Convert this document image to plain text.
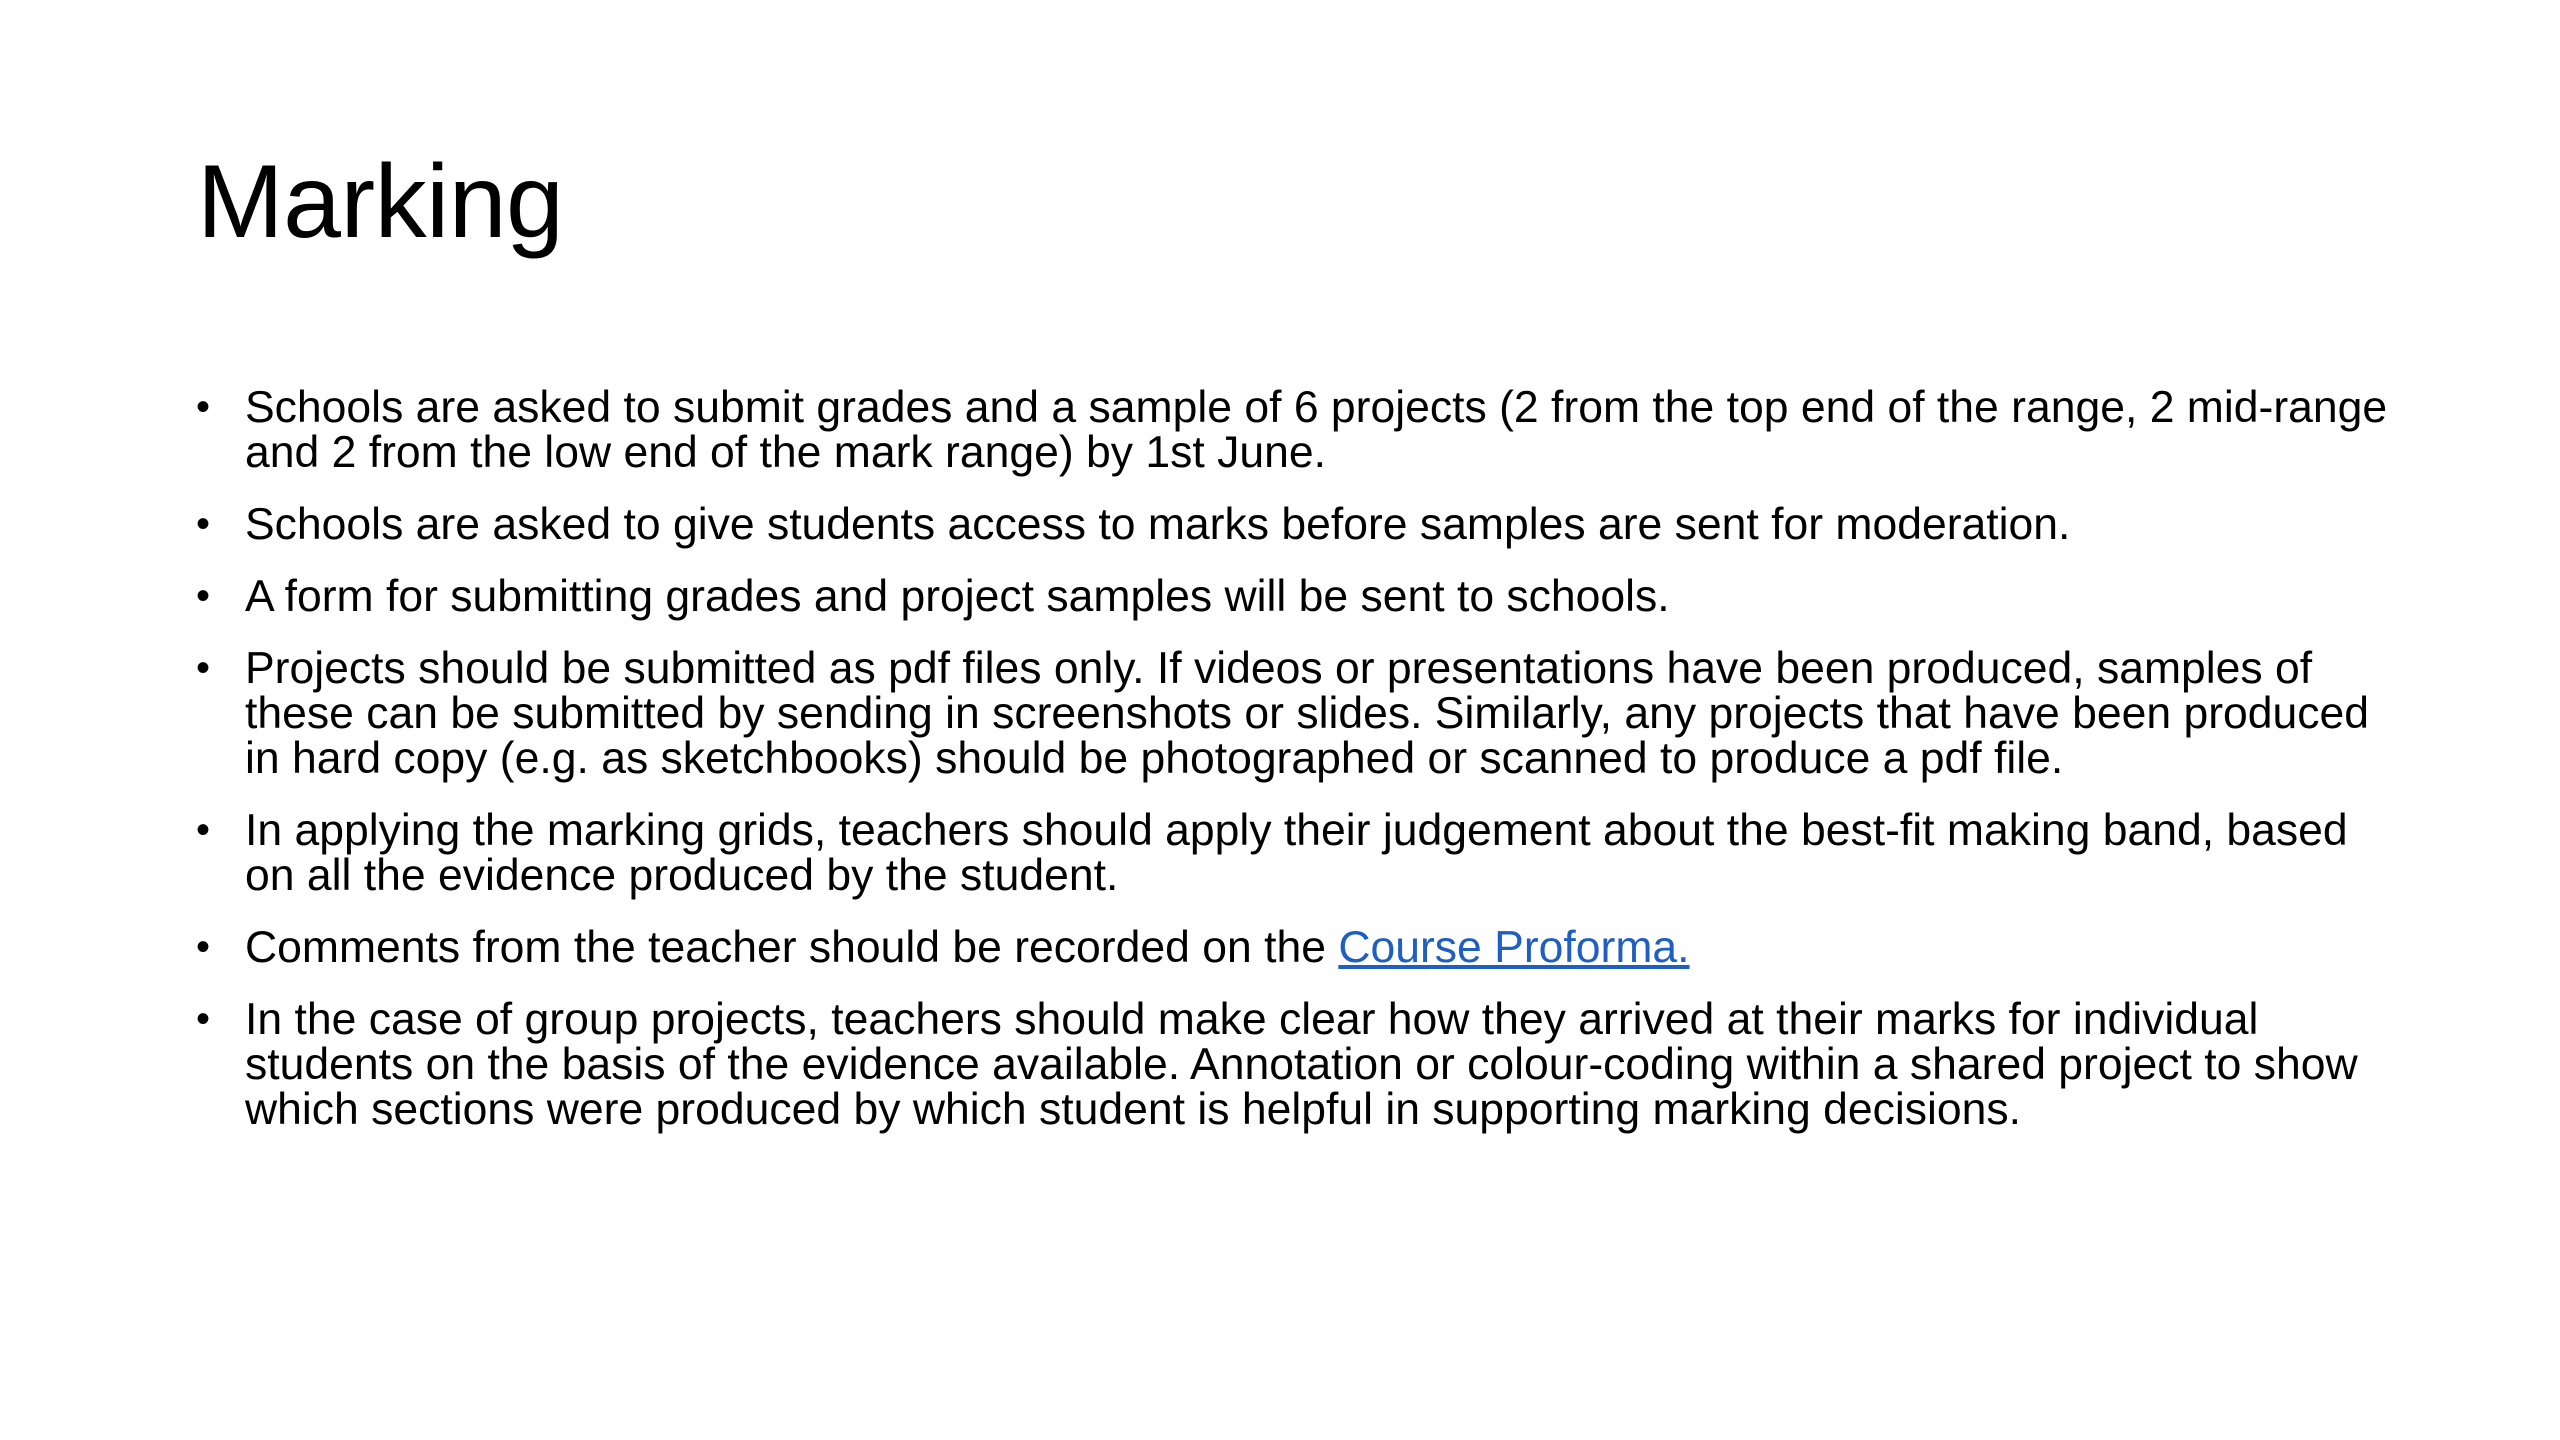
Marking
• Schools are asked to submit grades and a sample of 6 projects (2 from the top end of the range, 2 mid-range and 2 from the low end of the mark range) by 1st June.
• Schools are asked to give students access to marks before samples are sent for moderation.
• A form for submitting grades and project samples will be sent to schools.
• Projects should be submitted as pdf files only. If videos or presentations have been produced, samples of these can be submitted by sending in screenshots or slides. Similarly, any projects that have been produced in hard copy (e.g. as sketchbooks) should be photographed or scanned to produce a pdf file.
• In applying the marking grids, teachers should apply their judgement about the best-fit making band, based on all the evidence produced by the student.
• Comments from the teacher should be recorded on the Course Proforma.
• In the case of group projects, teachers should make clear how they arrived at their marks for individual students on the basis of the evidence available. Annotation or colour-coding within a shared project to show which sections were produced by which student is helpful in supporting marking decisions.
